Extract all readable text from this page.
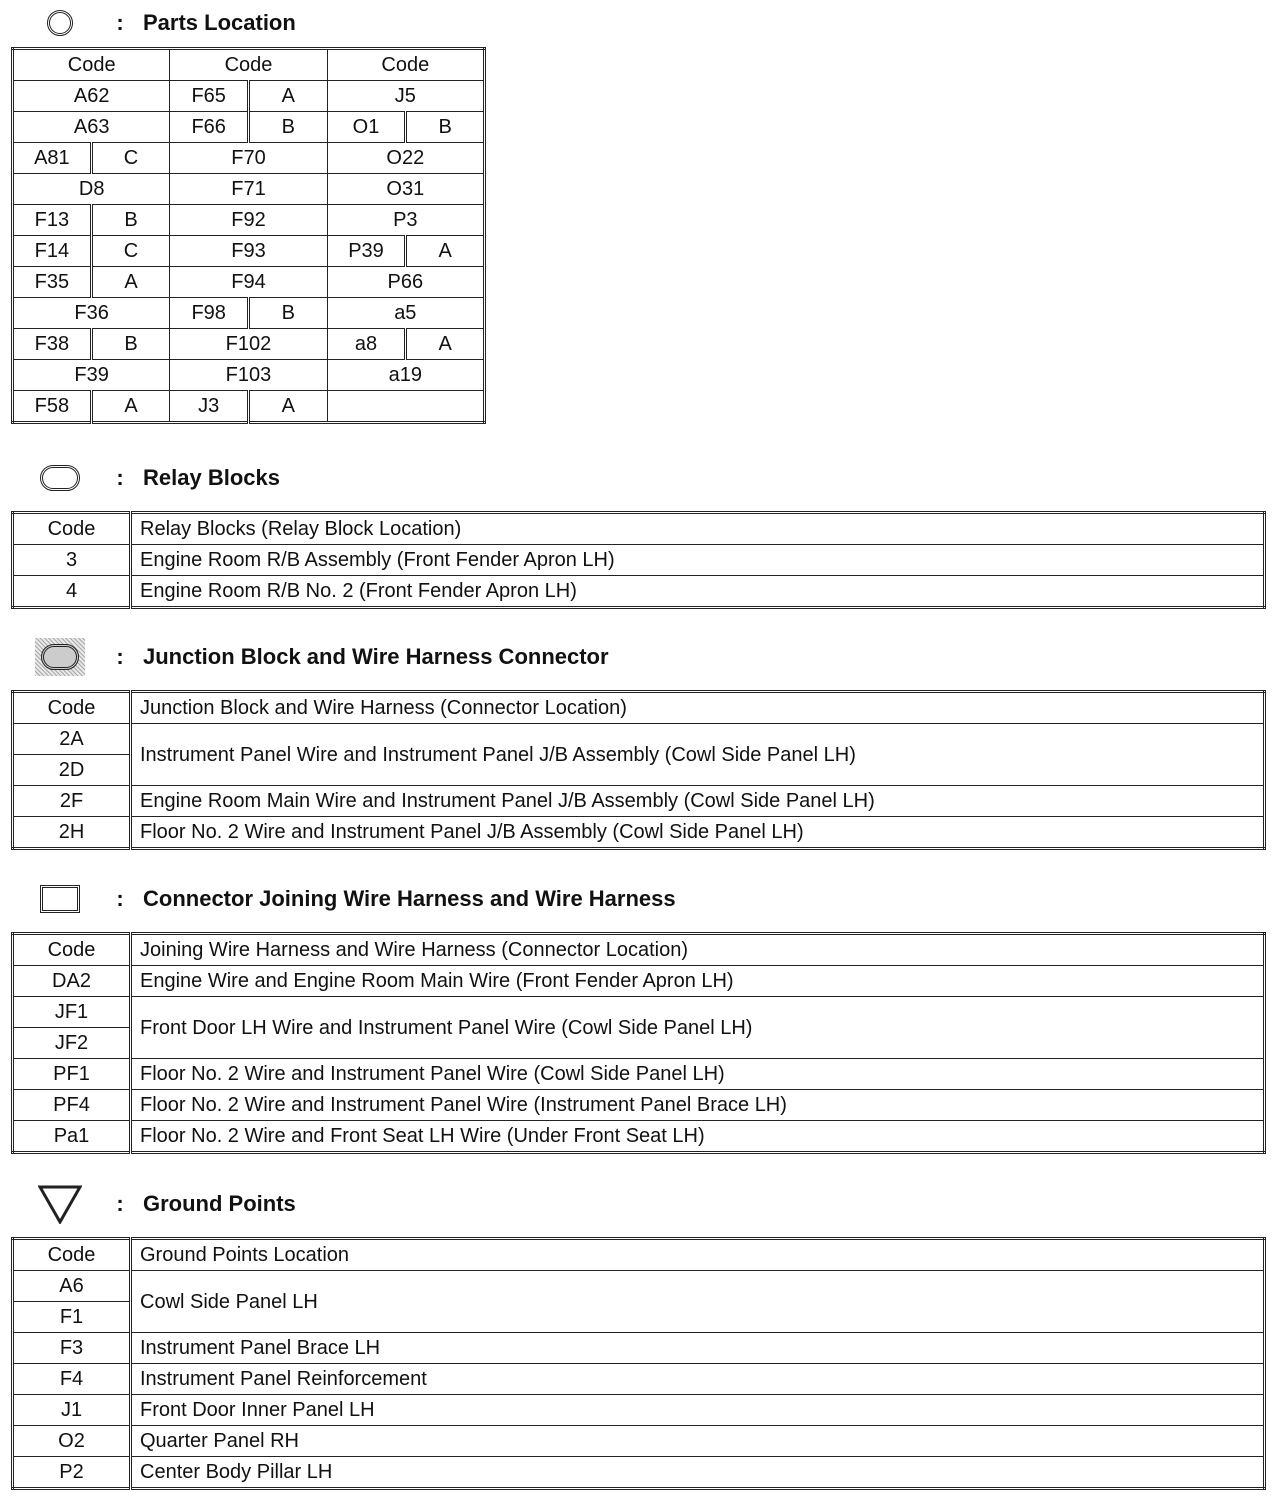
: Parts Location
Code		Code		Code	
A62		F65	A	J5	
A63		F66	B	O1	B
A81	C	F70		O22	
D8		F71		O31	
F13	B	F92		P3	
F14	C	F93		P39	A
F35	A	F94		P66	
F36		F98	B	a5	
F38	B	F102		a8	A
F39		F103		a19	
F58	A	J3	A		
: Relay Blocks
Code	Relay Blocks (Relay Block Location)
3	Engine Room R/B Assembly (Front Fender Apron LH)
4	Engine Room R/B No. 2 (Front Fender Apron LH)
: Junction Block and Wire Harness Connector
Code	Junction Block and Wire Harness (Connector Location)
2A	Instrument Panel Wire and Instrument Panel J/B Assembly (Cowl Side Panel LH)
2D	
2F	Engine Room Main Wire and Instrument Panel J/B Assembly (Cowl Side Panel LH)
2H	Floor No. 2 Wire and Instrument Panel J/B Assembly (Cowl Side Panel LH)
: Connector Joining Wire Harness and Wire Harness
Code	Joining Wire Harness and Wire Harness (Connector Location)
DA2	Engine Wire and Engine Room Main Wire (Front Fender Apron LH)
JF1	Front Door LH Wire and Instrument Panel Wire (Cowl Side Panel LH)
JF2	
PF1	Floor No. 2 Wire and Instrument Panel Wire (Cowl Side Panel LH)
PF4	Floor No. 2 Wire and Instrument Panel Wire (Instrument Panel Brace LH)
Pa1	Floor No. 2 Wire and Front Seat LH Wire (Under Front Seat LH)
: Ground Points
Code	Ground Points Location
A6	Cowl Side Panel LH
F1	
F3	Instrument Panel Brace LH
F4	Instrument Panel Reinforcement
J1	Front Door Inner Panel LH
O2	Quarter Panel RH
P2	Center Body Pillar LH
